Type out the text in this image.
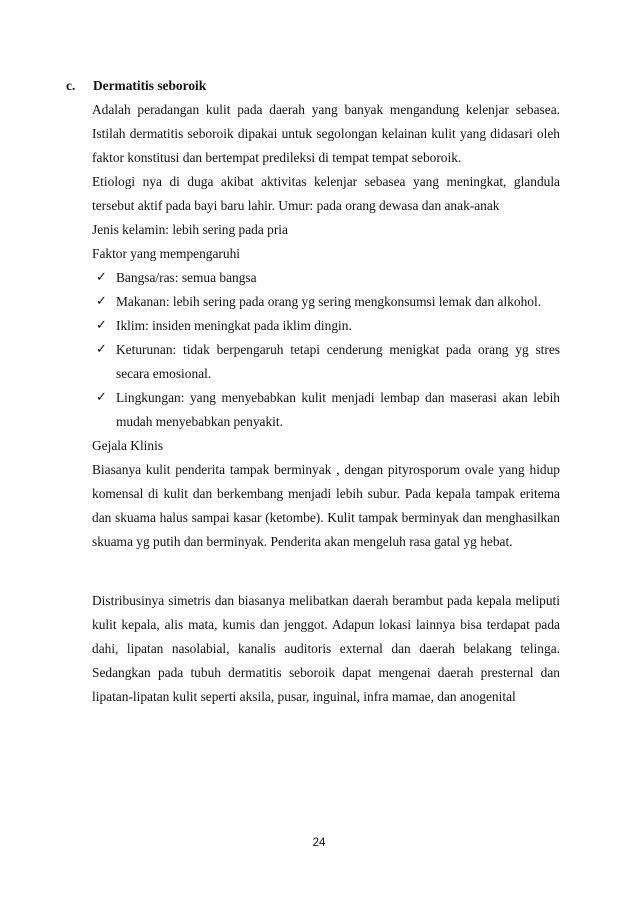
c. Dermatitis seboroik

Adalah peradangan kulit pada daerah yang banyak mengandung kelenjar sebasea. Istilah dermatitis seboroik dipakai untuk segolongan kelainan kulit yang didasari oleh faktor konstitusi dan bertempat predileksi di tempat tempat seboroik.

Etiologi nya di duga akibat aktivitas kelenjar sebasea yang meningkat, glandula tersebut aktif pada bayi baru lahir. Umur: pada orang dewasa dan anak-anak

Jenis kelamin: lebih sering pada pria

Faktor yang mempengaruhi

✓ Bangsa/ras: semua bangsa
✓ Makanan: lebih sering pada orang yg sering mengkonsumsi lemak dan alkohol.
✓ Iklim: insiden meningkat pada iklim dingin.
✓ Keturunan: tidak berpengaruh tetapi cenderung menigkat pada orang yg stres secara emosional.
✓ Lingkungan: yang menyebabkan kulit menjadi lembap dan maserasi akan lebih mudah menyebabkan penyakit.

Gejala Klinis

Biasanya kulit penderita tampak berminyak , dengan pityrosporum ovale yang hidup komensal di kulit dan berkembang menjadi lebih subur. Pada kepala tampak eritema dan skuama halus sampai kasar (ketombe). Kulit tampak berminyak dan menghasilkan skuama yg putih dan berminyak. Penderita akan mengeluh rasa gatal yg hebat.

Distribusinya simetris dan biasanya melibatkan daerah berambut pada kepala meliputi kulit kepala, alis mata, kumis dan jenggot. Adapun lokasi lainnya bisa terdapat pada dahi, lipatan nasolabial, kanalis auditoris external dan daerah belakang telinga. Sedangkan pada tubuh dermatitis seboroik dapat mengenai daerah presternal dan lipatan-lipatan kulit seperti aksila, pusar, inguinal, infra mamae, dan anogenital

24
